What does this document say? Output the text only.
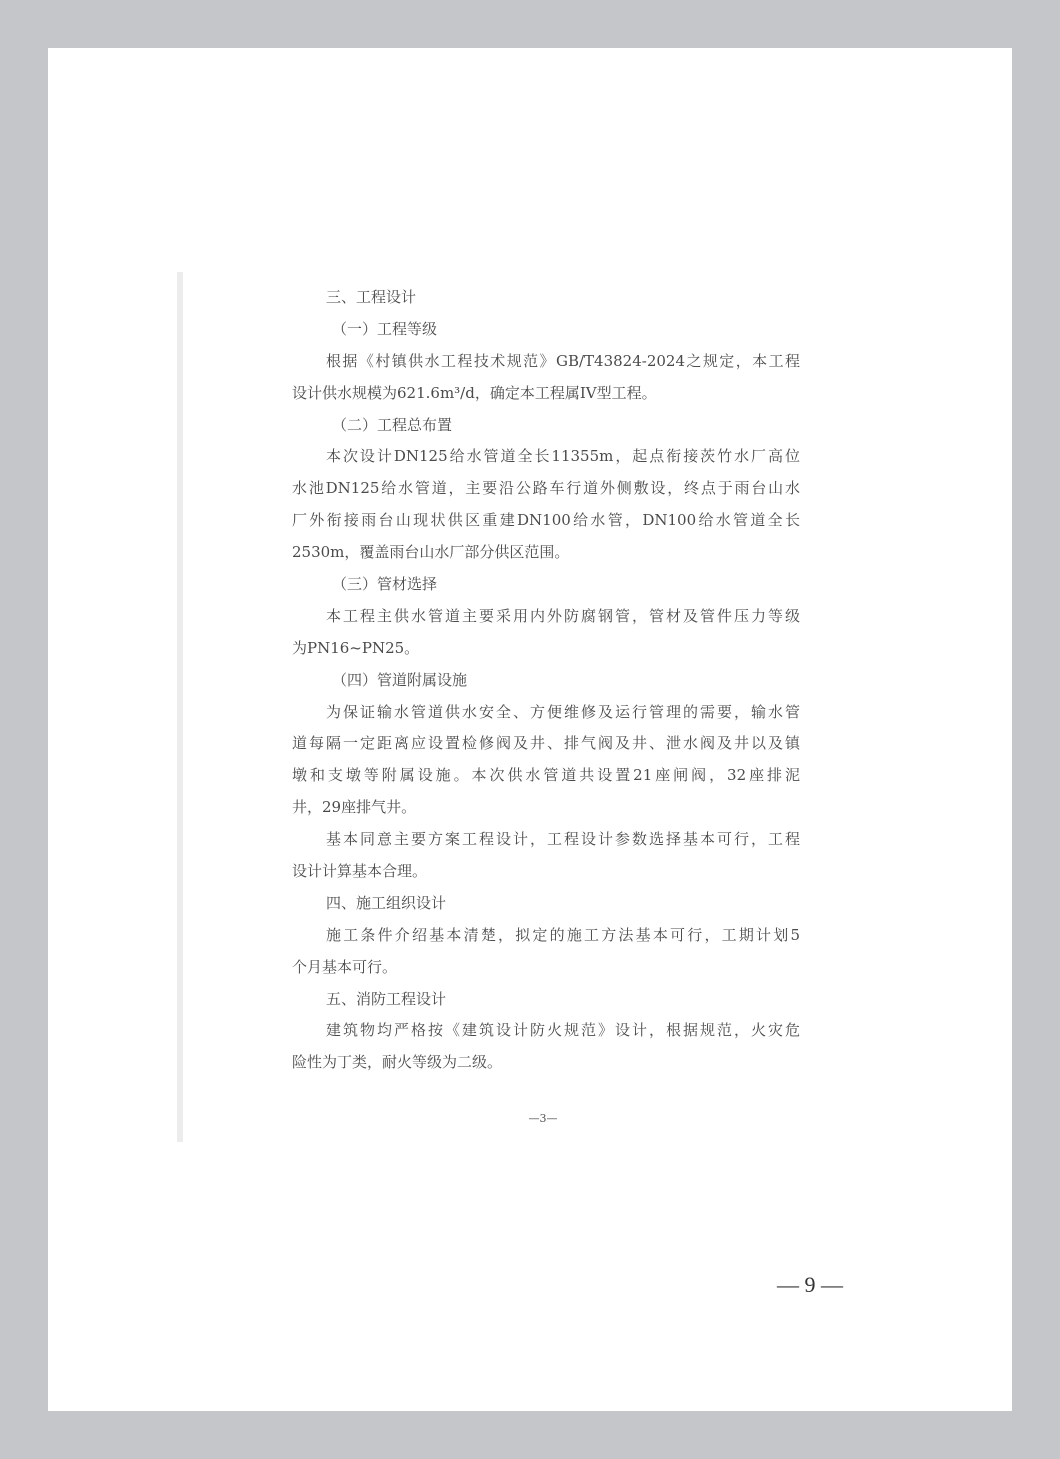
三、工程设计
（一）工程等级
根据《村镇供水工程技术规范》GB/T43824-2024之规定，本工程
设计供水规模为621.6m³/d，确定本工程属IV型工程。
（二）工程总布置
本次设计DN125给水管道全长11355m，起点衔接茨竹水厂高位
水池DN125给水管道，主要沿公路车行道外侧敷设，终点于雨台山水
厂外衔接雨台山现状供区重建DN100给水管，DN100给水管道全长
2530m，覆盖雨台山水厂部分供区范围。
（三）管材选择
本工程主供水管道主要采用内外防腐钢管，管材及管件压力等级
为PN16~PN25。
（四）管道附属设施
为保证输水管道供水安全、方便维修及运行管理的需要，输水管
道每隔一定距离应设置检修阀及井、排气阀及井、泄水阀及井以及镇
墩和支墩等附属设施。本次供水管道共设置21座闸阀，32座排泥
井，29座排气井。
基本同意主要方案工程设计，工程设计参数选择基本可行，工程
设计计算基本合理。
四、施工组织设计
施工条件介绍基本清楚，拟定的施工方法基本可行，工期计划5
个月基本可行。
五、消防工程设计
建筑物均严格按《建筑设计防火规范》设计，根据规范，火灾危
险性为丁类，耐火等级为二级。
—3—
— 9 —
